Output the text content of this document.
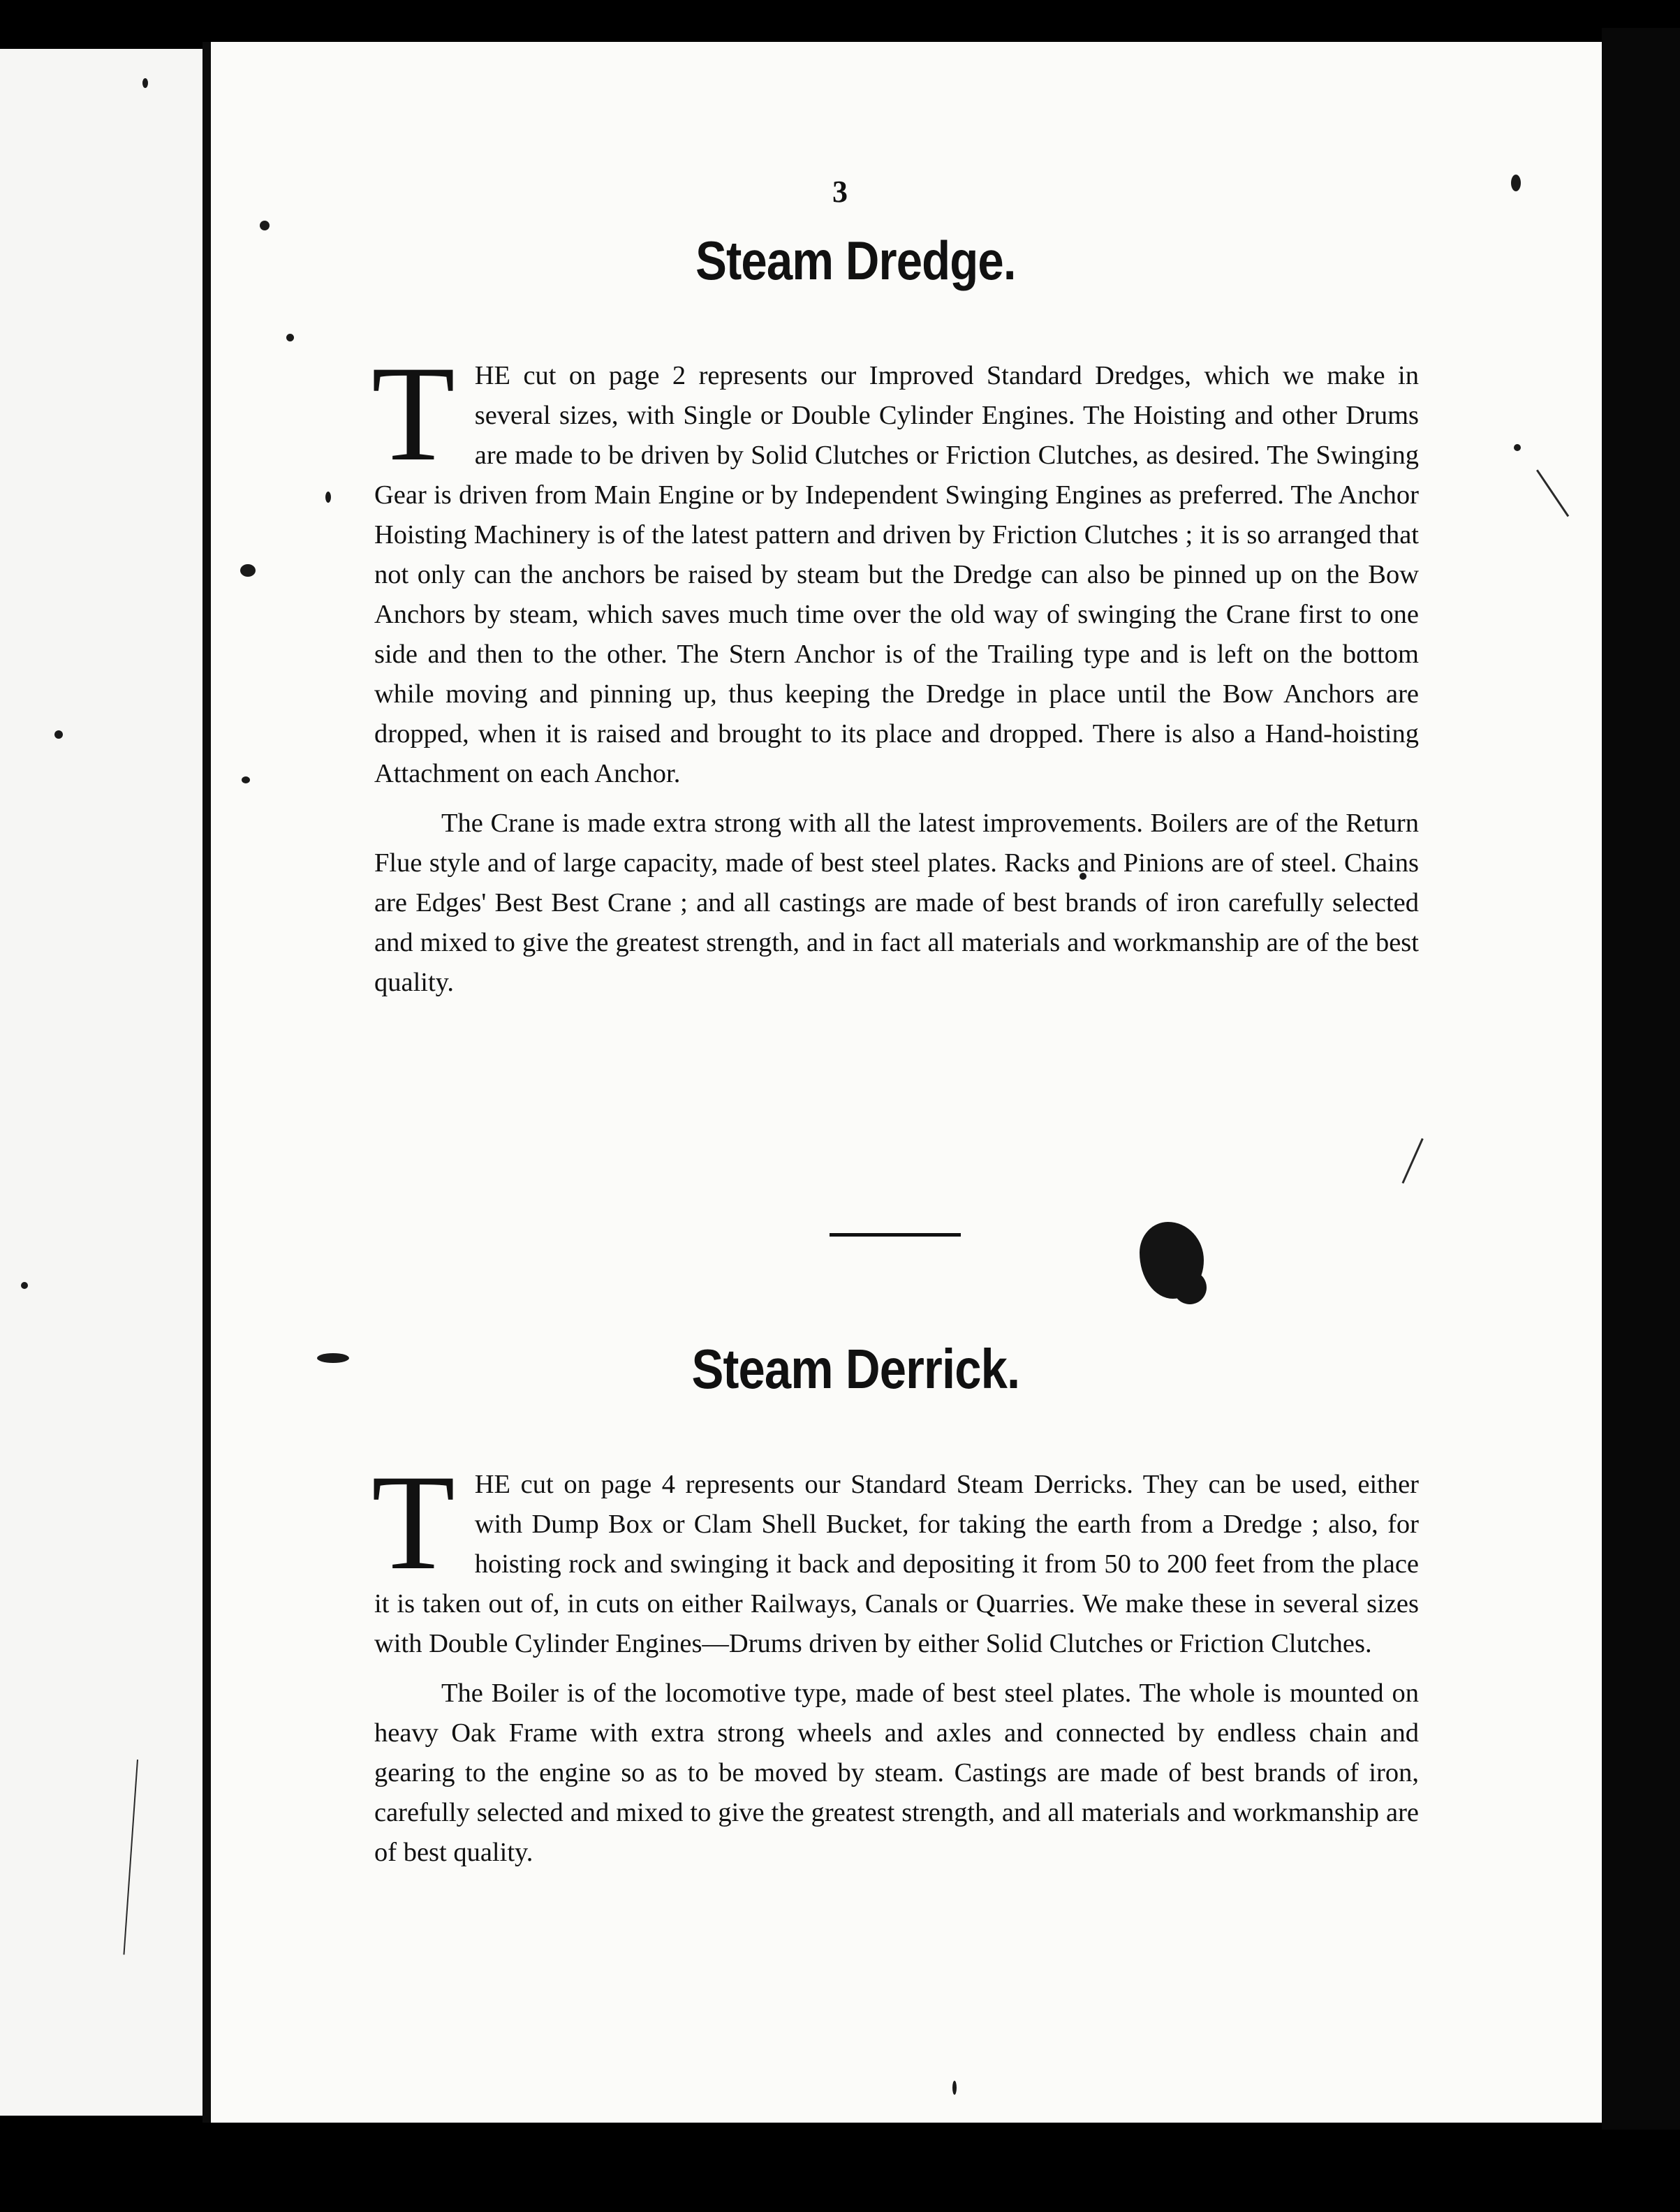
3
Steam Dredge.

THE cut on page 2 represents our Improved Standard Dredges, which we make in several sizes, with Single or Double Cylinder Engines. The Hoisting and other Drums are made to be driven by Solid Clutches or Friction Clutches, as desired. The Swinging Gear is driven from Main Engine or by Independent Swinging Engines as preferred. The Anchor Hoisting Machinery is of the latest pattern and driven by Friction Clutches ; it is so arranged that not only can the anchors be raised by steam but the Dredge can also be pinned up on the Bow Anchors by steam, which saves much time over the old way of swinging the Crane first to one side and then to the other. The Stern Anchor is of the Trailing type and is left on the bottom while moving and pinning up, thus keeping the Dredge in place until the Bow Anchors are dropped, when it is raised and brought to its place and dropped. There is also a Hand-hoisting Attachment on each Anchor.

The Crane is made extra strong with all the latest improvements. Boilers are of the Return Flue style and of large capacity, made of best steel plates. Racks and Pinions are of steel. Chains are Edges' Best Best Crane ; and all castings are made of best brands of iron carefully selected and mixed to give the greatest strength, and in fact all materials and workmanship are of the best quality.

Steam Derrick.

THE cut on page 4 represents our Standard Steam Derricks. They can be used, either with Dump Box or Clam Shell Bucket, for taking the earth from a Dredge ; also, for hoisting rock and swinging it back and depositing it from 50 to 200 feet from the place it is taken out of, in cuts on either Railways, Canals or Quarries. We make these in several sizes with Double Cylinder Engines—Drums driven by either Solid Clutches or Friction Clutches.

The Boiler is of the locomotive type, made of best steel plates. The whole is mounted on heavy Oak Frame with extra strong wheels and axles and connected by endless chain and gearing to the engine so as to be moved by steam. Castings are made of best brands of iron, carefully selected and mixed to give the greatest strength, and all materials and workmanship are of best quality.
